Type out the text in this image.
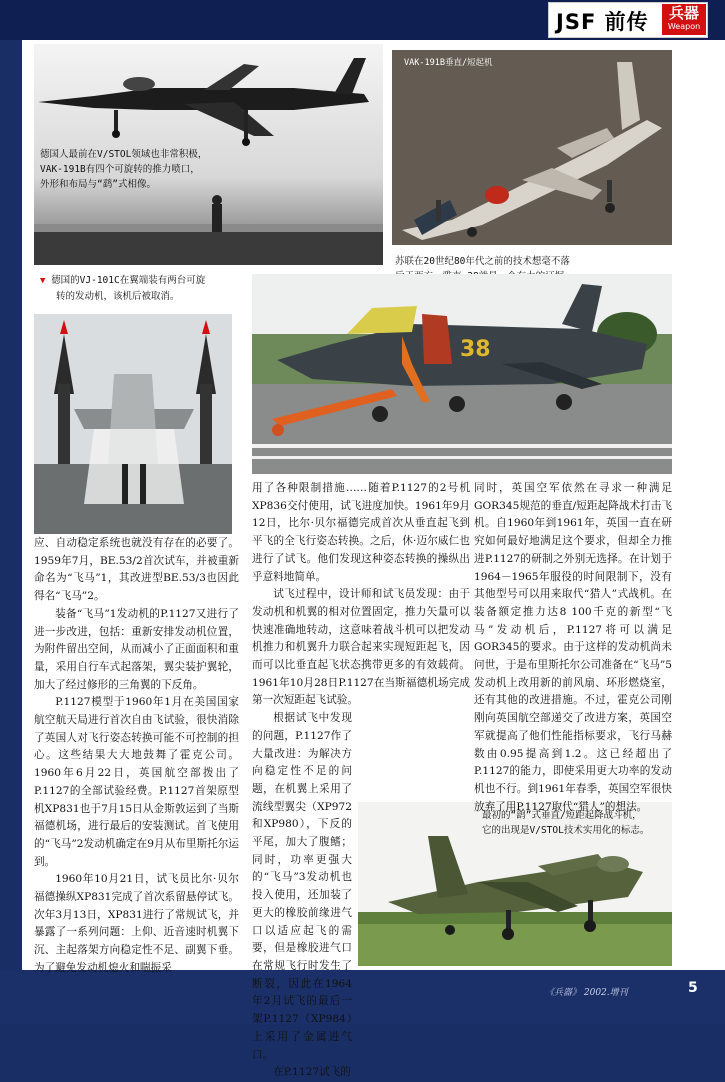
JSF 前传	兵器
Weapon
德国人最前在V/STOL领域也非常积极，
VAK-191B有四个可旋转的推力喷口，
外形和布局与“鹞”式相像。
VAK-191B垂直/短起机
▼ 德国的VJ-101C在翼端装有两台可旋
转的发动机，该机后被取消。
苏联在20世纪80年代之前的技术想毫不落
38
最初的“鹞”式垂直/短距起降战斗机，
它的出现是V/STOL技术实用化的标志。

应、自动稳定系统也就没有存在的必要了。1959年7月，BE.53/2首次试车，并被重新命名为“飞马”1，其改进型BE.53/3也因此得名“飞马”2。

装备“飞马”1发动机的P.1127又进行了进一步改进，包括：重新安排发动机位置，为附件留出空间，从而减小了正面面积和重量，采用自行车式起落架，翼尖装护翼轮，加大了经过修形的三角翼的下反角。

P.1127模型于1960年1月在美国国家航空航天局进行首次自由飞试验，很快消除了英国人对飞行姿态转换可能不可控制的担心。这些结果大大地鼓舞了霍克公司。1960年6月22日，英国航空部拨出了P.1127的全部试验经费。P.1127首架原型机XP831也于7月15日从金斯敦运到了当斯福德机场，进行最后的安装测试。首飞使用的“飞马”2发动机确定在9月从布里斯托尔运到。

1960年10月21日，试飞员比尔·贝尔福德操纵XP831完成了首次系留悬停试飞。次年3月13日，XP831进行了常规试飞，并暴露了一系列问题：上仰、近音速时机翼下沉、主起落架方向稳定性不足、副翼下垂。为了避免发动机熄火和喘振采

用了各种限制措施……随着P.1127的2号机XP836交付使用，试飞进度加快。1961年9月12日，比尔·贝尔福德完成首次从垂直起飞到平飞的全飞行姿态转换。之后，休·迈尔威仁也进行了试飞。他们发现这种姿态转换的操纵出乎意料地简单。

试飞过程中，设计师和试飞员发现：由于发动机和机翼的相对位置固定，推力矢量可以快速准确地转动，这意味着战斗机可以把发动机推力和机翼升力联合起来实现短距起飞，因而可以比垂直起飞状态携带更多的有效载荷。1961年10月28日P.1127在当斯福德机场完成第一次短距起飞试验。

根据试飞中发现的问题，P.1127作了大量改进：为解决方向稳定性不足的问题，在机翼上采用了流线型翼尖（XP972和XP980），下反的平尾，加大了腹鳍；同时，功率更强大的“飞马”3发动机也投入使用，还加装了更大的橡胶前缘进气口以适应起飞的需要，但是橡胶进气口在常规飞行时发生了断裂，因此在1964年2月试飞的最后一架P.1127（XP984）上采用了金属进气口。

在P.1127试飞的

同时，英国空军依然在寻求一种满足GOR345规范的垂直/短距起降战术打击飞机。自1960年到1961年，英国一直在研究如何最好地满足这个要求，但却全力推进P.1127的研制之外别无选择。在计划于1964－1965年服役的时间限制下，没有其他型号可以用来取代“猎人”式战机。在装备额定推力达8 100千克的新型“飞马”发动机后，P.1127将可以满足GOR345的要求。由于这样的发动机尚未问世，于是布里斯托尔公司准备在“飞马”5发动机上改用新的前风扇、环形燃烧室，还有其他的改进措施。不过，霍克公司刚刚向英国航空部递交了改进方案，英国空军就提高了他们性能指标要求，飞行马赫数由0.95提高到1.2。这已经超出了P.1127的能力，即使采用更大功率的发动机也不行。到1961年春季，英国空军很快放弃了用P.1127取代“猎人”的想法。

《兵器》 2002.增刊	5
